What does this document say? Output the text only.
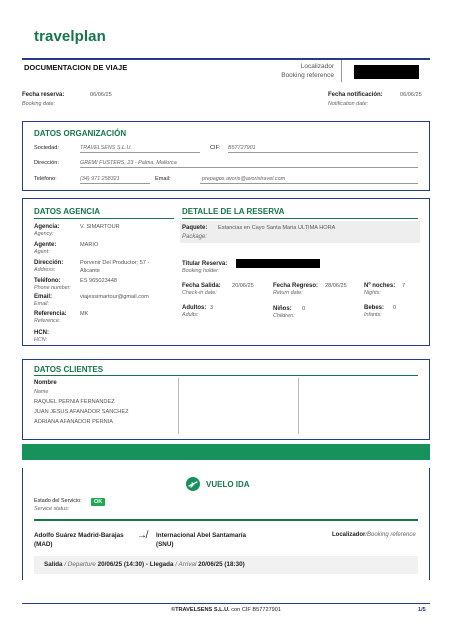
travelplan
DOCUMENTACION DE VIAJE	Localizador
Booking reference
Fecha reserva:
Booking date:
06/06/25	Fecha notificación:
Notification date:
06/06/25
DATOS ORGANIZACIÓN
Sociedad:	TRAVELSENS S.L.U.	CIF: B57727901
Dirección:	GREMI FUSTERS, 23 - Palma, Mallorca
Teléfono:	(34) 971 258321	Email:	prepagos.avoris@avoristravel.com
DATOS AGENCIA	DETALLE DE LA RESERVA
Agencia:
Agency:
V. SIMARTOUR
Agente:
Agent:
MARIO
Dirección:
Address:
Porvenir Del Productor; 57 -
Alicante
Teléfono:
Phone number:
ES 965023448
Email:
Email:
viajessimartour@gmail.com
Referencia:
Reference:
MK
HCN:
HCN:
Paquete:
Package:
Estancias en Cayo Santa Maria ULTIMA HORA
Titular Reserva:
Booking holder:
Fecha Salida:
Check-in date:
20/06/25	Fecha Regreso:
Return date:
28/06/25	Nº noches:
Nights:
7
Adultos:
Adults:
3	Niños:
Children:
0	Bebes:
Infants:
0
DATOS CLIENTES
Nombre
Name
RAQUEL PERNIA FERNANDEZ
JUAN JESUS AFANADOR SANCHEZ
ADRIANA AFANADOR PERNIA
VUELO IDA
Estado del Servicio:
Service status:
OK
Adolfo Suárez Madrid-Barajas
(MAD)
↛ Internacional Abel Santamaría
(SNU)
Localizador/Booking reference
Salida / Departure 20/06/25 (14:30) - Llegada / Arrival 20/06/25 (18:30)
©TRAVELSENS S.L.U. con CIF B57727901	1/5
